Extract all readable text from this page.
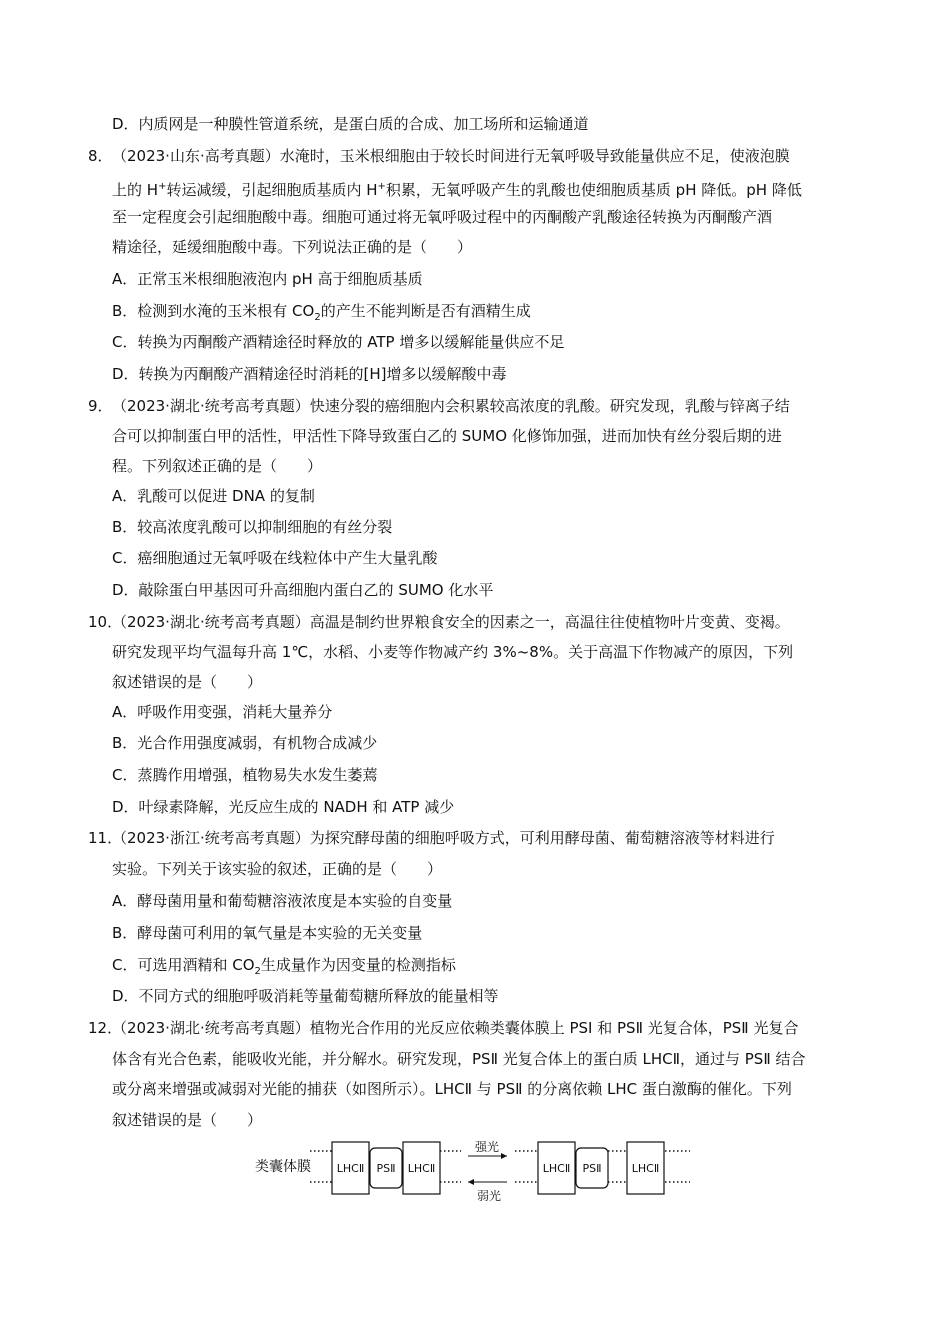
D．内质网是一种膜性管道系统，是蛋白质的合成、加工场所和运输通道
8．（2023·山东·高考真题）水淹时，玉米根细胞由于较长时间进行无氧呼吸导致能量供应不足，使液泡膜
上的 H+转运减缓，引起细胞质基质内 H+积累，无氧呼吸产生的乳酸也使细胞质基质 pH 降低。pH 降低
至一定程度会引起细胞酸中毒。细胞可通过将无氧呼吸过程中的丙酮酸产乳酸途径转换为丙酮酸产酒
精途径，延缓细胞酸中毒。下列说法正确的是（　　）
A．正常玉米根细胞液泡内 pH 高于细胞质基质
B．检测到水淹的玉米根有 $CO_2$的产生不能判断是否有酒精生成
C．转换为丙酮酸产酒精途径时释放的 ATP 增多以缓解能量供应不足
D．转换为丙酮酸产酒精途径时消耗的[H]增多以缓解酸中毒
9．（2023·湖北·统考高考真题）快速分裂的癌细胞内会积累较高浓度的乳酸。研究发现，乳酸与锌离子结
合可以抑制蛋白甲的活性，甲活性下降导致蛋白乙的 SUMO 化修饰加强，进而加快有丝分裂后期的进
程。下列叙述正确的是（　　）
A．乳酸可以促进 DNA 的复制
B．较高浓度乳酸可以抑制细胞的有丝分裂
C．癌细胞通过无氧呼吸在线粒体中产生大量乳酸
D．敲除蛋白甲基因可升高细胞内蛋白乙的 SUMO 化水平
10．（2023·湖北·统考高考真题）高温是制约世界粮食安全的因素之一，高温往往使植物叶片变黄、变褐。
研究发现平均气温每升高 1℃，水稻、小麦等作物减产约 3%~8%。关于高温下作物减产的原因，下列
叙述错误的是（　　）
A．呼吸作用变强，消耗大量养分
B．光合作用强度减弱，有机物合成减少
C．蒸腾作用增强，植物易失水发生萎蔫
D．叶绿素降解，光反应生成的 NADH 和 ATP 减少
11．（2023·浙江·统考高考真题）为探究酵母菌的细胞呼吸方式，可利用酵母菌、葡萄糖溶液等材料进行
实验。下列关于该实验的叙述，正确的是（　　）
A．酵母菌用量和葡萄糖溶液浓度是本实验的自变量
B．酵母菌可利用的氧气量是本实验的无关变量
C．可选用酒精和 $CO_2$生成量作为因变量的检测指标
D．不同方式的细胞呼吸消耗等量葡萄糖所释放的能量相等
12．（2023·湖北·统考高考真题）植物光合作用的光反应依赖类囊体膜上 PSⅠ 和 PSⅡ 光复合体，PSⅡ 光复合
体含有光合色素，能吸收光能，并分解水。研究发现，PSⅡ 光复合体上的蛋白质 LHCⅡ，通过与 PSⅡ 结合
或分离来增强或减弱对光能的捕获（如图所示）。LHCⅡ 与 PSⅡ 的分离依赖 LHC 蛋白激酶的催化。下列
叙述错误的是（　　）
类囊体膜 LHCⅡ PSⅡ LHCⅡ
强光
弱光
LHCⅡ PSⅡ	LHCⅡ
